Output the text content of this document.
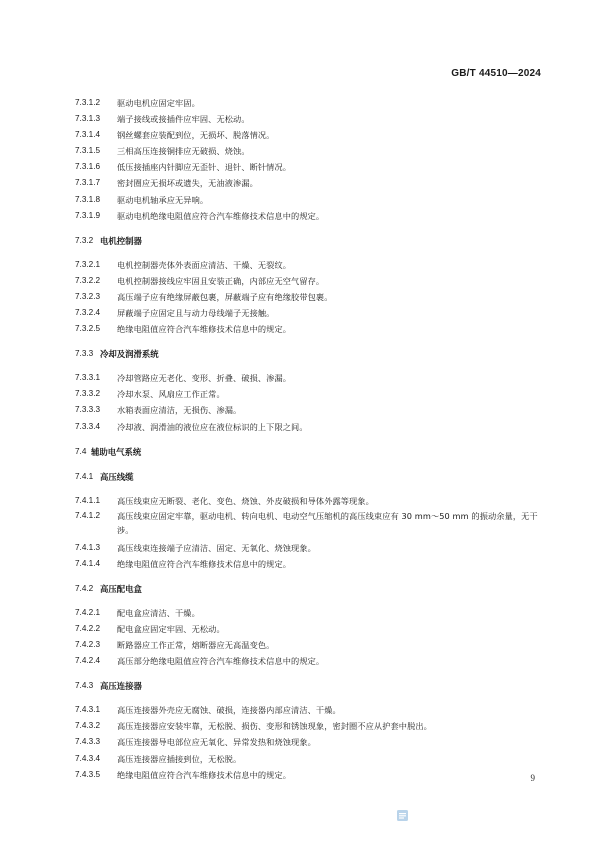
GB/T 44510—2024
7.3.1.2	驱动电机应固定牢固。
7.3.1.3	端子接线或接插件应牢固、无松动。
7.3.1.4	钢丝螺套应装配到位，无损坏、脱落情况。
7.3.1.5	三相高压连接铜排应无破损、烧蚀。
7.3.1.6	低压接插座内针脚应无歪针、退针、断针情况。
7.3.1.7	密封圈应无损坏或遗失，无油液渗漏。
7.3.1.8	驱动电机轴承应无异响。
7.3.1.9	驱动电机绝缘电阻值应符合汽车维修技术信息中的规定。
7.3.2 电机控制器
7.3.2.1	电机控制器壳体外表面应清洁、干燥、无裂纹。
7.3.2.2	电机控制器接线应牢固且安装正确，内部应无空气留存。
7.3.2.3	高压端子应有绝缘屏蔽包裹，屏蔽端子应有绝缘胶带包裹。
7.3.2.4	屏蔽端子应固定且与动力母线端子无接触。
7.3.2.5	绝缘电阻值应符合汽车维修技术信息中的规定。
7.3.3 冷却及润滑系统
7.3.3.1	冷却管路应无老化、变形、折叠、破损、渗漏。
7.3.3.2	冷却水泵、风扇应工作正常。
7.3.3.3	水箱表面应清洁，无损伤、渗漏。
7.3.3.4	冷却液、润滑油的液位应在液位标识的上下限之间。
7.4 辅助电气系统
7.4.1 高压线缆
7.4.1.1	高压线束应无断裂、老化、变色、烧蚀、外皮破损和导体外露等现象。
7.4.1.2	高压线束应固定牢靠，驱动电机、转向电机、电动空气压缩机的高压线束应有 30 mm～50 mm 的振动余量，无干涉。
7.4.1.3	高压线束连接端子应清洁、固定、无氧化、烧蚀现象。
7.4.1.4	绝缘电阻值应符合汽车维修技术信息中的规定。
7.4.2 高压配电盒
7.4.2.1	配电盒应清洁、干燥。
7.4.2.2	配电盒应固定牢固、无松动。
7.4.2.3	断路器应工作正常，熔断器应无高温变色。
7.4.2.4	高压部分绝缘电阻值应符合汽车维修技术信息中的规定。
7.4.3 高压连接器
7.4.3.1	高压连接器外壳应无腐蚀、破损，连接器内部应清洁、干燥。
7.4.3.2	高压连接器应安装牢靠，无松脱、损伤、变形和锈蚀现象，密封圈不应从护套中脱出。
7.4.3.3	高压连接器导电部位应无氧化、异常发热和烧蚀现象。
7.4.3.4	高压连接器应插接到位，无松脱。
7.4.3.5	绝缘电阻值应符合汽车维修技术信息中的规定。	9
